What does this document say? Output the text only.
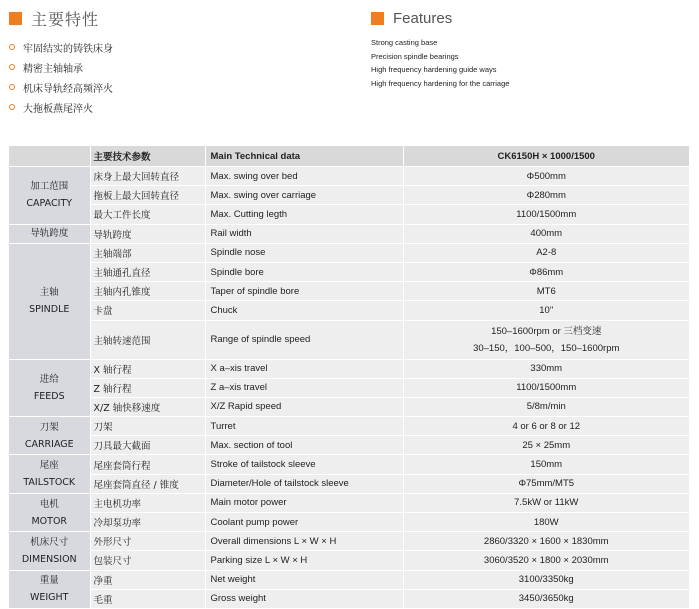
主要特性	Features
牢固结实的铸铁床身
精密主轴轴承
机床导轨经高频淬火
大拖板燕尾淬火
Strong casting base
Precision spindle bearings
High frequency hardening guide ways
High frequency hardening for the carriage
	主要技术参数	Main Technical data	CK6150H × 1000/1500
加工范围
CAPACITY	床身上最大回转直径	Max. swing over bed	Φ500mm
	拖板上最大回转直径	Max. swing over carriage	Φ280mm
	最大工件长度	Max. Cutting legth	1100/1500mm
导轨跨度	导轨跨度	Rail width	400mm
主轴
SPINDLE	主轴端部	Spindle nose	A2-8
	主轴通孔直径	Spindle bore	Φ86mm
	主轴内孔锥度	Taper of spindle bore	MT6
	卡盘	Chuck	10"
	主轴转速范围	Range of spindle speed	150–1600rpm or 三档变速
30–150，100–500，150–1600rpm

进给
FEEDS	X 轴行程	X a–xis travel	330mm
	Z 轴行程	Z a–xis travel	1100/1500mm
	X/Z 轴快移速度	X/Z Rapid speed	5/8m/min
刀架
CARRIAGE	刀架	Turret	4 or 6 or 8 or 12
	刀具最大截面	Max. section of tool	25 × 25mm
尾座
TAILSTOCK	尾座套筒行程	Stroke of tailstock sleeve	150mm
	尾座套筒直径 / 锥度	Diameter/Hole of tailstock sleeve	Φ75mm/MT5
电机
MOTOR	主电机功率	Main motor power	7.5kW or 11kW
	冷却泵功率	Coolant pump power	180W
机床尺寸
DIMENSION	外形尺寸	Overall dimensions L × W × H	2860/3320 × 1600 × 1830mm
	包装尺寸	Parking size L × W × H	3060/3520 × 1800 × 2030mm
重量
WEIGHT	净重	Net weight	3100/3350kg
	毛重	Gross weight	3450/3650kg
